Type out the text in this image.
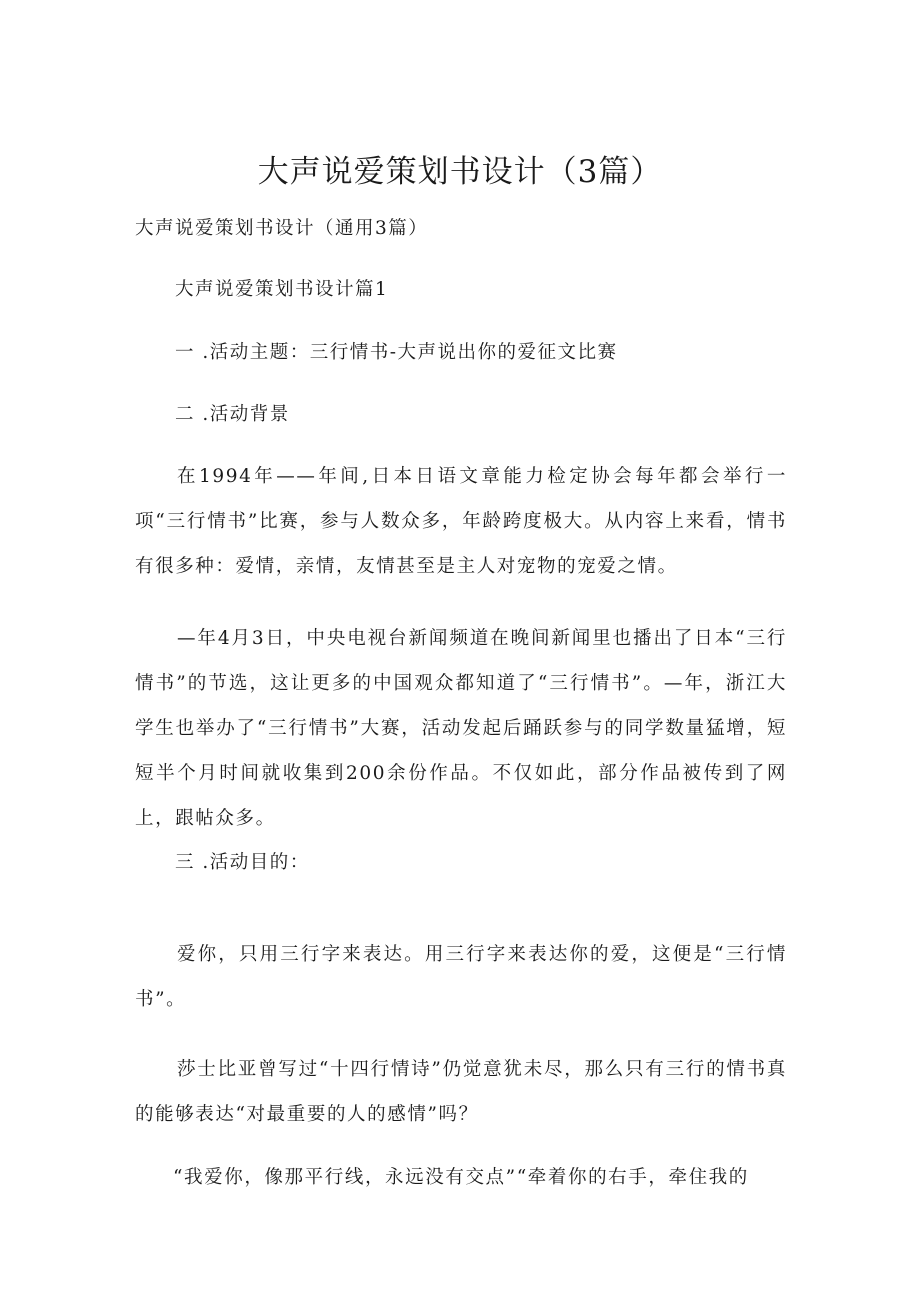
大声说爱策划书设计（3篇）
大声说爱策划书设计（通用3篇）
大声说爱策划书设计篇1
一 .活动主题：三行情书-大声说出你的爱征文比赛
二 .活动背景
在1994年——年间,日本日语文章能力检定协会每年都会举行一项“三行情书”比赛，参与人数众多，年龄跨度极大。从内容上来看，情书有很多种：爱情，亲情，友情甚至是主人对宠物的宠爱之情。
—年4月3日，中央电视台新闻频道在晚间新闻里也播出了日本“三行情书”的节选，这让更多的中国观众都知道了“三行情书”。—年，浙江大学生也举办了“三行情书”大赛，活动发起后踊跃参与的同学数量猛增，短短半个月时间就收集到200余份作品。不仅如此，部分作品被传到了网上，跟帖众多。
三 .活动目的：
爱你，只用三行字来表达。用三行字来表达你的爱，这便是“三行情书”。
莎士比亚曾写过“十四行情诗”仍觉意犹未尽，那么只有三行的情书真的能够表达“对最重要的人的感情”吗？
“我爱你，像那平行线，永远没有交点”“牵着你的右手，牵住我的
